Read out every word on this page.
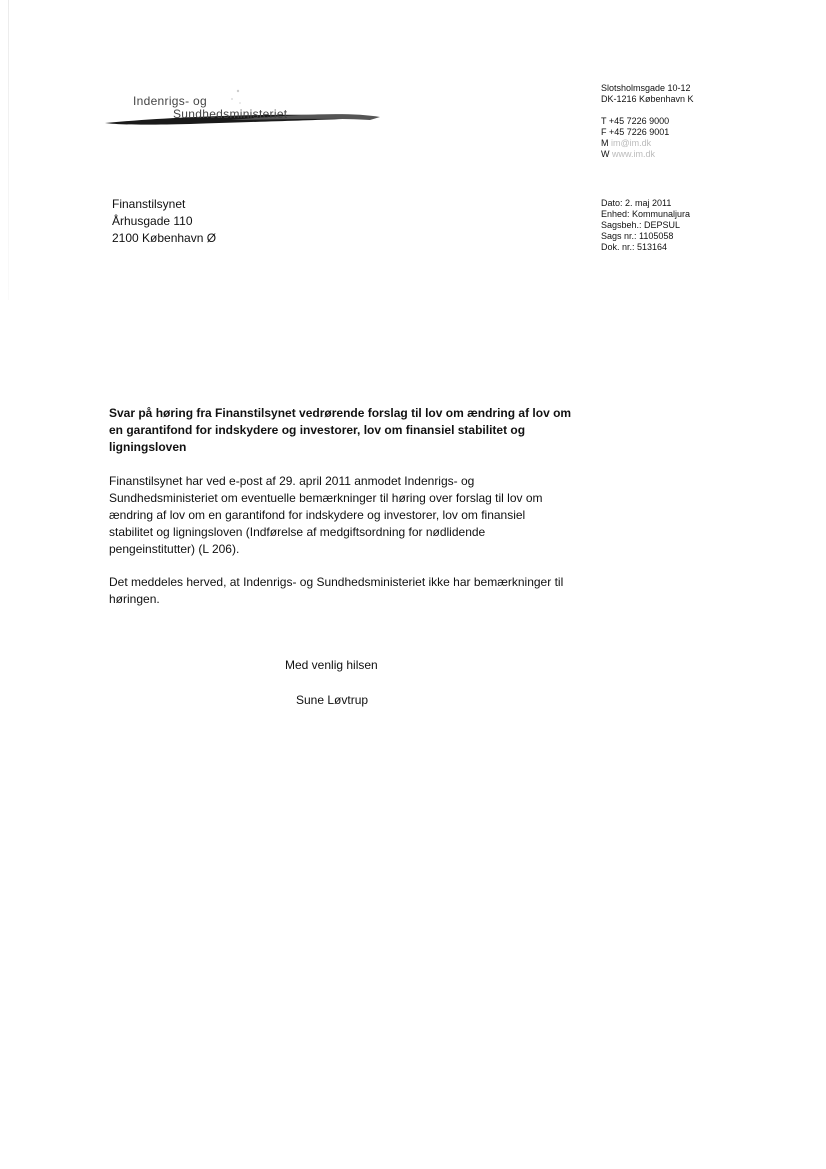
Indenrigs- og
Sundhedsministeriet
Slotsholmsgade 10-12
DK-1216 København K
T +45 7226 9000
F +45 7226 9001
M im@im.dk
W www.im.dk
Dato: 2. maj 2011
Enhed: Kommunaljura
Sagsbeh.: DEPSUL
Sags nr.: 1105058
Dok. nr.: 513164
Finanstilsynet
Århusgade 110
2100 København Ø
Svar på høring fra Finanstilsynet vedrørende forslag til lov om ændring af lov om en garantifond for indskydere og investorer, lov om finansiel stabilitet og ligningsloven
Finanstilsynet har ved e-post af 29. april 2011 anmodet Indenrigs- og Sundhedsministeriet om eventuelle bemærkninger til høring over forslag til lov om ændring af lov om en garantifond for indskydere og investorer, lov om finansiel stabilitet og ligningsloven (Indførelse af medgiftsordning for nødlidende pengeinstitutter) (L 206).
Det meddeles herved, at Indenrigs- og Sundhedsministeriet ikke har bemærkninger til høringen.
Med venlig hilsen
Sune Løvtrup
